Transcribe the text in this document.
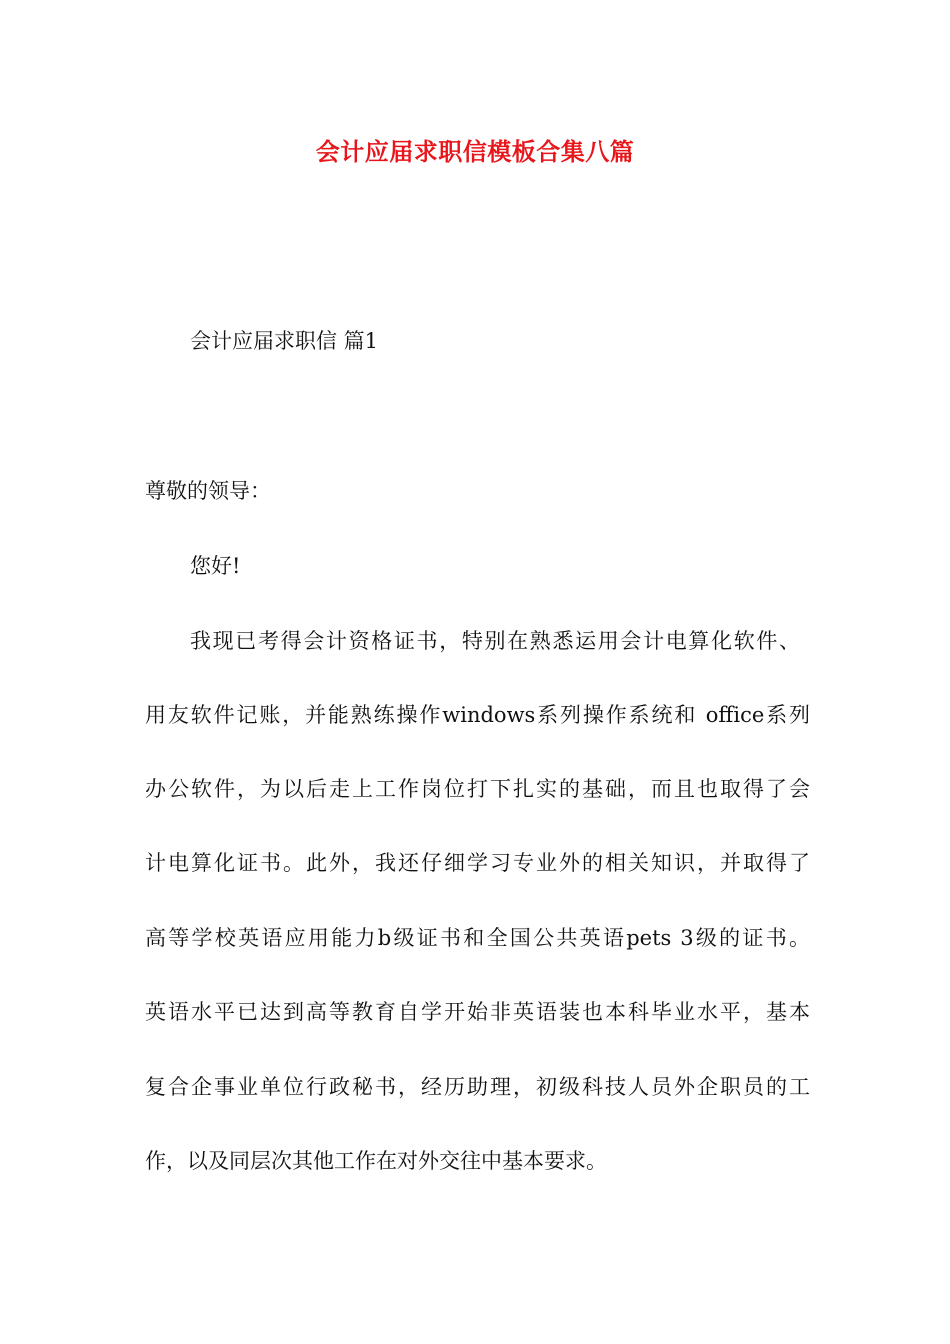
会计应届求职信模板合集八篇
会计应届求职信 篇1
尊敬的领导：
您好!
我现已考得会计资格证书，特别在熟悉运用会计电算化软件、
用友软件记账，并能熟练操作windows系列操作系统和 office系列
办公软件，为以后走上工作岗位打下扎实的基础，而且也取得了会
计电算化证书。此外，我还仔细学习专业外的相关知识，并取得了
高等学校英语应用能力b级证书和全国公共英语pets 3级的证书。
英语水平已达到高等教育自学开始非英语装也本科毕业水平，基本
复合企事业单位行政秘书，经历助理，初级科技人员外企职员的工
作，以及同层次其他工作在对外交往中基本要求。
